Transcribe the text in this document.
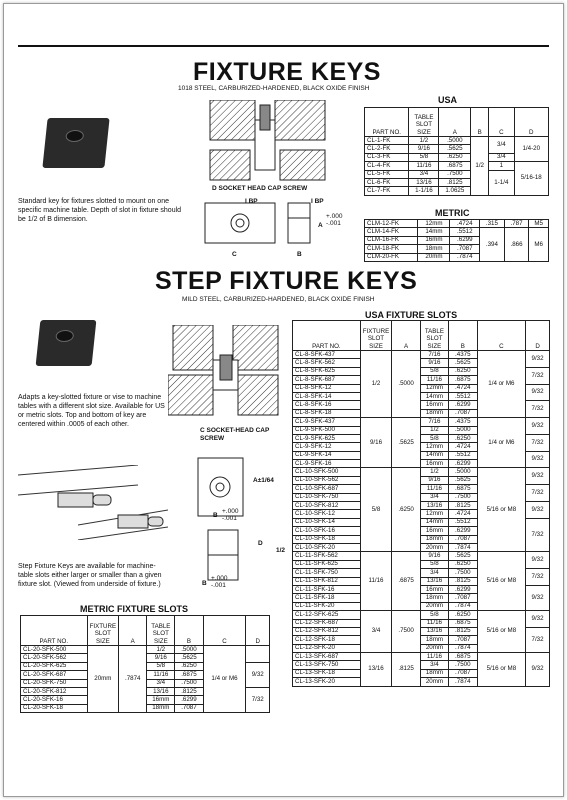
FIXTURE KEYS
1018 STEEL, CARBURIZED-HARDENED, BLACK OXIDE FINISH
Standard key for fixtures slotted to mount on one specific machine table. Depth of slot in fixture should be 1/2 of B dimension.
D SOCKET HEAD CAP SCREW
I BP	I BP
C	B
A
+.000 -.001
USA
PART NO.	TABLE SLOT SIZE	A	B	C	D
CL-1-FK	1/2	.5000	1/2	3/4	1/4-20
CL-2-FK	9/16	.5625			
CL-3-FK	5/8	.6250		3/4	
CL-4-FK	11/16	.6875		1	5/16-18
CL-5-FK	3/4	.7500		1-1/4	
CL-6-FK	13/16	.8125			
CL-7-FK	1-1/16	1.0625			
METRIC
CLM-12-FK	12mm	.4724	.315	.787	M5
CLM-14-FK	14mm	.5512	.394	.866	M6
CLM-16-FK	16mm	.6299			
CLM-18-FK	18mm	.7087			
CLM-20-FK	20mm	.7874			
STEP FIXTURE KEYS
MILD STEEL, CARBURIZED-HARDENED, BLACK OXIDE FINISH
Adapts a key-slotted fixture or vise to machine tables with a different slot size. Available for US or metric slots. Top and bottom of key are centered within .0005 of each other.
Step Fixture Keys are available for machine-table slots either larger or smaller than a given fixture slot. (Viewed from underside of fixture.)
C SOCKET-HEAD CAP SCREW
A±1/64
B
+.000 -.001
D
1/2
B
+.000 -.001
USA FIXTURE SLOTS
PART NO.	FIXTURE SLOT SIZE	A	TABLE SLOT SIZE	B	C	D
CL-8-SFK-437	1/2	.5000	7/16	.4375	1/4 or M6	9/32
CL-8-SFK-562			9/16	.5625		
CL-8-SFK-625			5/8	.6250		7/32
CL-8-SFK-687			11/16	.6875		
CL-8-SFK-12			12mm	.4724		9/32
CL-8-SFK-14			14mm	.5512		
CL-8-SFK-16			16mm	.6299		7/32
CL-8-SFK-18			18mm	.7087		
CL-9-SFK-437	9/16	.5625	7/16	.4375	1/4 or M6	9/32
CL-9-SFK-500			1/2	.5000		
CL-9-SFK-625			5/8	.6250		7/32
CL-9-SFK-12			12mm	.4724		
CL-9-SFK-14			14mm	.5512		9/32
CL-9-SFK-16			16mm	.6299		
CL-10-SFK-500	5/8	.6250	1/2	.5000	5/16 or M8	9/32
CL-10-SFK-562			9/16	.5625		
CL-10-SFK-687			11/16	.6875		7/32
CL-10-SFK-750			3/4	.7500		
CL-10-SFK-812			13/16	.8125		9/32
CL-10-SFK-12			12mm	.4724		
CL-10-SFK-14			14mm	.5512		7/32
CL-10-SFK-16			16mm	.6299		
CL-10-SFK-18			18mm	.7087		
CL-10-SFK-20			20mm	.7874		
CL-11-SFK-562	11/16	.6875	9/16	.5625	5/16 or M8	9/32
CL-11-SFK-625			5/8	.6250		
CL-11-SFK-750			3/4	.7500		7/32
CL-11-SFK-812			13/16	.8125		
CL-11-SFK-16			16mm	.6299		9/32
CL-11-SFK-18			18mm	.7087		
CL-11-SFK-20			20mm	.7874		
CL-12-SFK-625	3/4	.7500	5/8	.6250	5/16 or M8	9/32
CL-12-SFK-687			11/16	.6875		
CL-12-SFK-812			13/16	.8125		7/32
CL-12-SFK-18			18mm	.7087		
CL-12-SFK-20			20mm	.7874		
CL-13-SFK-687	13/16	.8125	11/16	.6875	5/16 or M8	9/32
CL-13-SFK-750			3/4	.7500		
CL-13-SFK-18			18mm	.7087		
CL-13-SFK-20			20mm	.7874		
METRIC FIXTURE SLOTS
PART NO.	FIXTURE SLOT SIZE	A	TABLE SLOT SIZE	B	C	D
CL-20-SFK-500	20mm	.7874	1/2	.5000	1/4 or M6	
CL-20-SFK-562			9/16	.5625		
CL-20-SFK-625			5/8	.6250		9/32
CL-20-SFK-687			11/16	.6875		
CL-20-SFK-750			3/4	.7500		
CL-20-SFK-812			13/16	.8125		7/32
CL-20-SFK-16			16mm	.6299		
CL-20-SFK-18			18mm	.7087		
